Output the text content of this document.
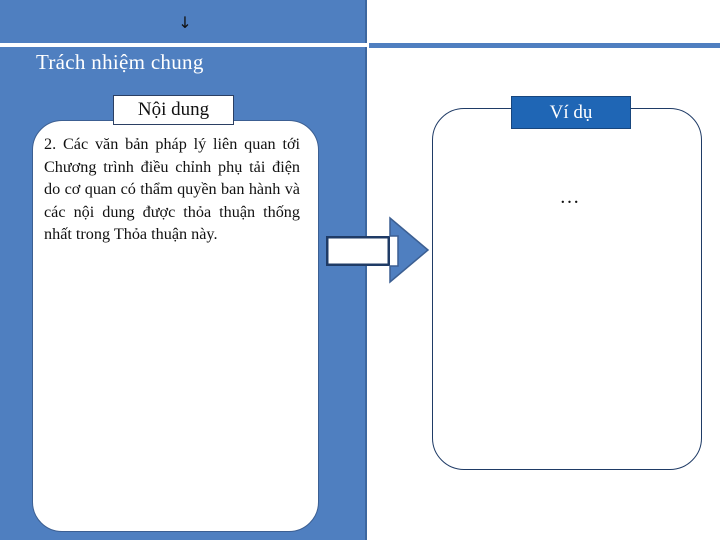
↓
Trách nhiệm chung
Nội dung
2. Các văn bản pháp lý liên quan tới Chương trình điều chỉnh phụ tải điện do cơ quan có thẩm quyền ban hành và các nội dung được thỏa thuận thống nhất trong Thỏa thuận này.
Ví dụ
…
